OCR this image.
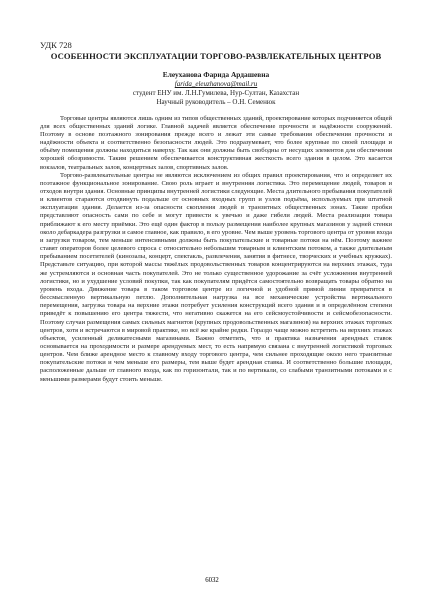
УДК 728

ОСОБЕННОСТИ ЭКСПЛУАТАЦИИ ТОРГОВО-РАЗВЛЕКАТЕЛЬНЫХ ЦЕНТРОВ

Елеуханова Фарида Ардашевна

farida_eleuzhanova@mail.ru

студент ЕНУ им. Л.Н.Гумилева, Нур-Султан, Казахстан

Научный руководитель – О.Н. Семенюк

Торговые центры являются лишь одним из типов общественных зданий, проектирование которых подчиняется общей для всех общественных зданий логике. Главной задачей является обеспечение прочности и надёжности сооружений. Поэтому в основе поэтажного зонирования прежде всего и лежат эти самые требования обеспечения прочности и надёжности объекта и соответственно безопасности людей. Это подразумевает, что более крупные по своей площади и объёму помещения должны находиться наверху. Так как они должны быть свободны от несущих элементов для обеспечения хорошей обозримости. Таким решением обеспечивается конструктивная жесткость всего здания в целом. Это касается вокзалов, театральных залов, концертных залов, спортивных залов.

Торгово-развлекательные центры не являются исключением из общих правил проектирования, что и определяет их поэтажное функциональное зонирование. Свою роль играет и внутренняя логистика. Это перемещение людей, товаров и отходов внутри здания. Основные принципы внутренней логистики следующие. Места длительного пребывания покупателей и клиентов стараются отодвинуть подальше от основных входных групп и узлов подъёма, используемых при штатной эксплуатации здания. Делается из-за опасности скопления людей в транзитных общественных зонах. Такие пробки представляют опасность сами по себе и могут привести к увечью и даже гибели людей. Места реализации товара приближают к его месту приёмки. Это ещё один фактор в пользу размещения наиболее крупных магазинов у задней стенки около дебаркадера разгрузки и самое главное, как правило, в его уровне. Чем выше уровень торгового центра от уровня входа и загрузки товаром, тем меньше интенсивными должны быть покупательские и товарные потоки на нём. Поэтому важнее ставят операторов более целевого спроса с относительно небольшим товарным и клиентским потоком, а также длительным пребыванием посетителей (кинозалы, концерт, спектакль, развлечения, занятия в фитнесе, творческих и учебных кружках). Представьте ситуацию, при которой массы тяжёлых продовольственных товаров концентрируются на верхних этажах, туда же устремляются и основная часть покупателей. Это не только существенное удорожание за счёт усложнения внутренней логистики, но и ухудшение условий покупки, так как покупателям придётся самостоятельно возвращать товары обратно на уровень входа. Движение товара в таком торговом центре из логичной и удобной прямой линии превратится в бессмысленную вертикальную петлю. Дополнительная нагрузка на все механические устройства вертикального перемещения, загрузка товара на верхние этажи потребует усиления конструкций всего здания и в определённом степени приведёт к повышению его центра тяжести, что негативно скажется на его сейсмоустойчивости и сейсмобезопасности. Поэтому случаи размещения самых сильных магнитов (крупных продовольственных магазинов) на верхних этажах торговых центров, хотя и встречаются в мировой практике, но всё же крайне редки. Гораздо чаще можно встретить на верхних этажах объектов, усиленный деликатесными магазинами. Важно отметить, что и практика назначения арендных ставок основывается на проходимости и размере арендуемых мест, то есть напрямую связана с внутренней логистикой торговых центров. Чем ближе арендное место к главному входу торгового центра, чем сильнее проходящие около него транзитные покупательские потоки и чем меньше его размеры, тем выше будет арендная ставка. И соответственно большие площади, расположенные дальше от главного входа, как по горизонтали, так и по вертикали, со слабыми транзитными потоками и с меньшими размерами будут стоить меньше.

6032
